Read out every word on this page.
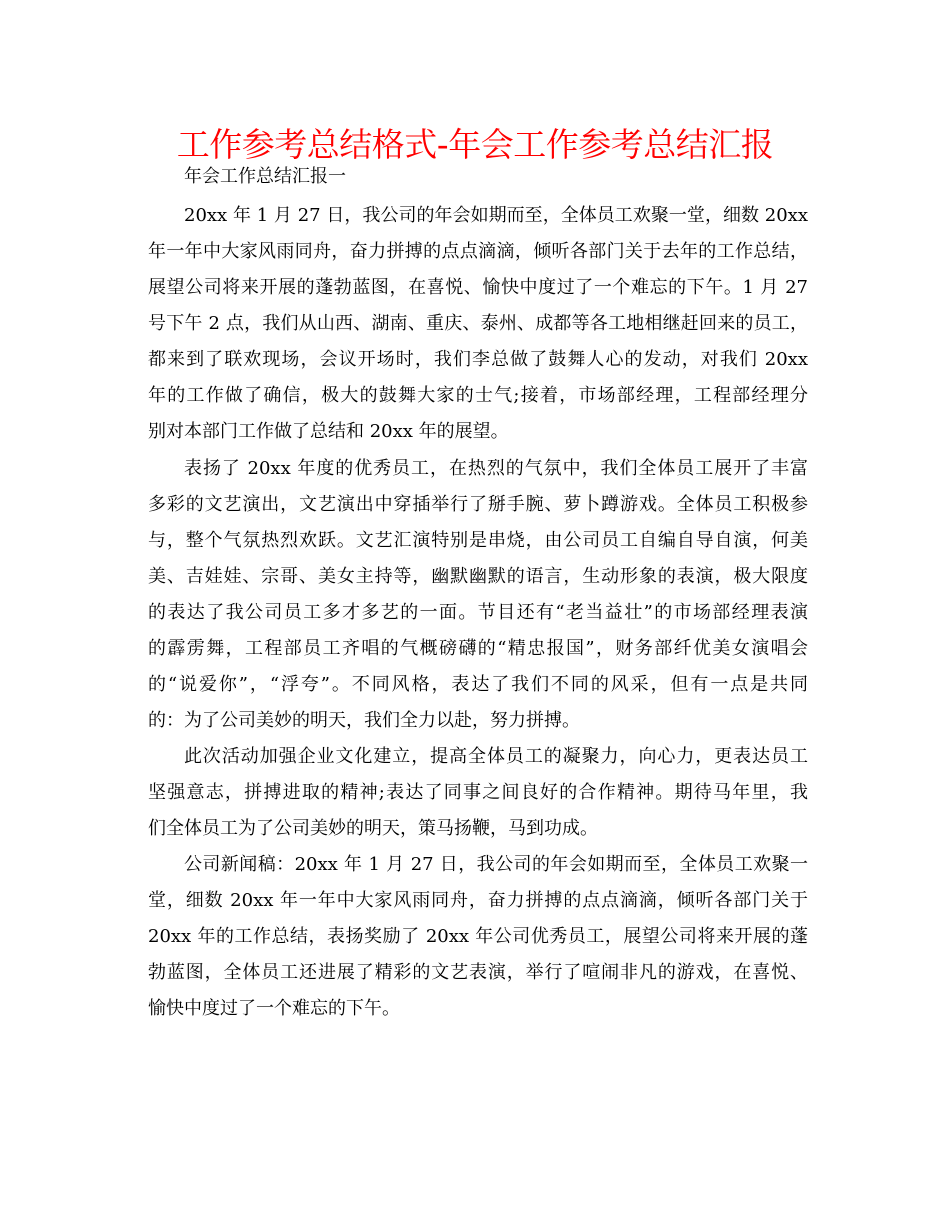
工作参考总结格式-年会工作参考总结汇报
年会工作总结汇报一
20xx 年 1 月 27 日，我公司的年会如期而至，全体员工欢聚一堂，细数 20xx
年一年中大家风雨同舟，奋力拼搏的点点滴滴，倾听各部门关于去年的工作总结，
展望公司将来开展的蓬勃蓝图，在喜悦、愉快中度过了一个难忘的下午。1 月 27
号下午 2 点，我们从山西、湖南、重庆、泰州、成都等各工地相继赶回来的员工，
都来到了联欢现场，会议开场时，我们李总做了鼓舞人心的发动，对我们 20xx
年的工作做了确信，极大的鼓舞大家的士气;接着，市场部经理，工程部经理分
别对本部门工作做了总结和 20xx 年的展望。
表扬了 20xx 年度的优秀员工，在热烈的气氛中，我们全体员工展开了丰富
多彩的文艺演出，文艺演出中穿插举行了掰手腕、萝卜蹲游戏。全体员工积极参
与，整个气氛热烈欢跃。文艺汇演特别是串烧，由公司员工自编自导自演，何美
美、吉娃娃、宗哥、美女主持等，幽默幽默的语言，生动形象的表演，极大限度
的表达了我公司员工多才多艺的一面。节目还有“老当益壮”的市场部经理表演
的霹雳舞，工程部员工齐唱的气概磅礴的“精忠报国”，财务部纤优美女演唱会
的“说爱你”，“浮夸”。不同风格，表达了我们不同的风采，但有一点是共同
的：为了公司美妙的明天，我们全力以赴，努力拼搏。
此次活动加强企业文化建立，提高全体员工的凝聚力，向心力，更表达员工
坚强意志，拼搏进取的精神;表达了同事之间良好的合作精神。期待马年里，我
们全体员工为了公司美妙的明天，策马扬鞭，马到功成。
公司新闻稿：20xx 年 1 月 27 日，我公司的年会如期而至，全体员工欢聚一
堂，细数 20xx 年一年中大家风雨同舟，奋力拼搏的点点滴滴，倾听各部门关于
20xx 年的工作总结，表扬奖励了 20xx 年公司优秀员工，展望公司将来开展的蓬
勃蓝图，全体员工还进展了精彩的文艺表演，举行了喧闹非凡的游戏，在喜悦、
愉快中度过了一个难忘的下午。
